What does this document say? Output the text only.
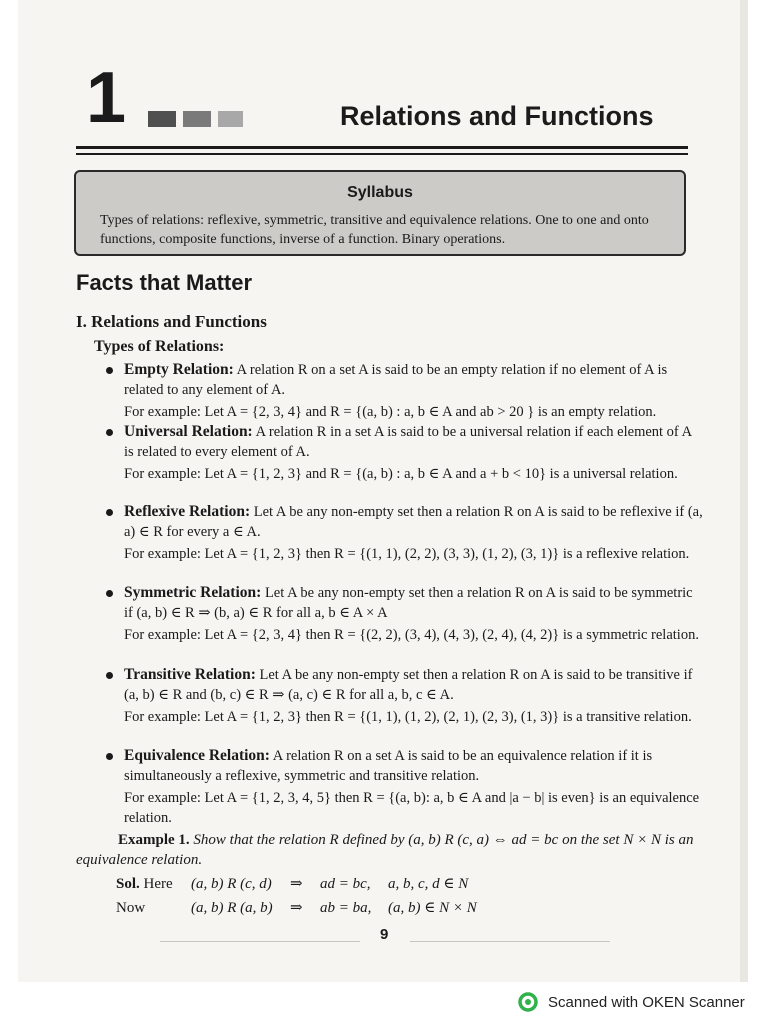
1	Relations and Functions
Syllabus
Types of relations: reflexive, symmetric, transitive and equivalence relations. One to one and onto functions, composite functions, inverse of a function. Binary operations.
Facts that Matter
I. Relations and Functions
Types of Relations:
Empty Relation: A relation R on a set A is said to be an empty relation if no element of A is related to any element of A.
For example: Let A = {2, 3, 4} and R = {(a, b) : a, b ∈ A and ab > 20 } is an empty relation.
Universal Relation: A relation R in a set A is said to be a universal relation if each element of A is related to every element of A.
For example: Let A = {1, 2, 3} and R = {(a, b) : a, b ∈ A and a + b < 10} is a universal relation.
Reflexive Relation: Let A be any non-empty set then a relation R on A is said to be reflexive if (a, a) ∈ R for every a ∈ A.
For example: Let A = {1, 2, 3} then R = {(1, 1), (2, 2), (3, 3), (1, 2), (3, 1)} is a reflexive relation.
Symmetric Relation: Let A be any non-empty set then a relation R on A is said to be symmetric if (a, b) ∈ R ⇒ (b, a) ∈ R for all a, b ∈ A × A
For example: Let A = {2, 3, 4} then R = {(2, 2), (3, 4), (4, 3), (2, 4), (4, 2)} is a symmetric relation.
Transitive Relation: Let A be any non-empty set then a relation R on A is said to be transitive if (a, b) ∈ R and (b, c) ∈ R ⇒ (a, c) ∈ R for all a, b, c ∈ A.
For example: Let A = {1, 2, 3} then R = {(1, 1), (1, 2), (2, 1), (2, 3), (1, 3)} is a transitive relation.
Equivalence Relation: A relation R on a set A is said to be an equivalence relation if it is simultaneously a reflexive, symmetric and transitive relation.
For example: Let A = {1, 2, 3, 4, 5} then R = {(a, b): a, b ∈ A and |a − b| is even} is an equivalence relation.
Example 1. Show that the relation R defined by (a, b) R (c, a) ⇔ ad = bc on the set N × N is an equivalence relation.
Sol. Here (a, b) R (c, d) ⇒ ad = bc, a, b, c, d ∈ N
Now	(a, b) R (a, b) ⇒ ab = ba, (a, b) ∈ N × N
9
Scanned with OKEN Scanner
